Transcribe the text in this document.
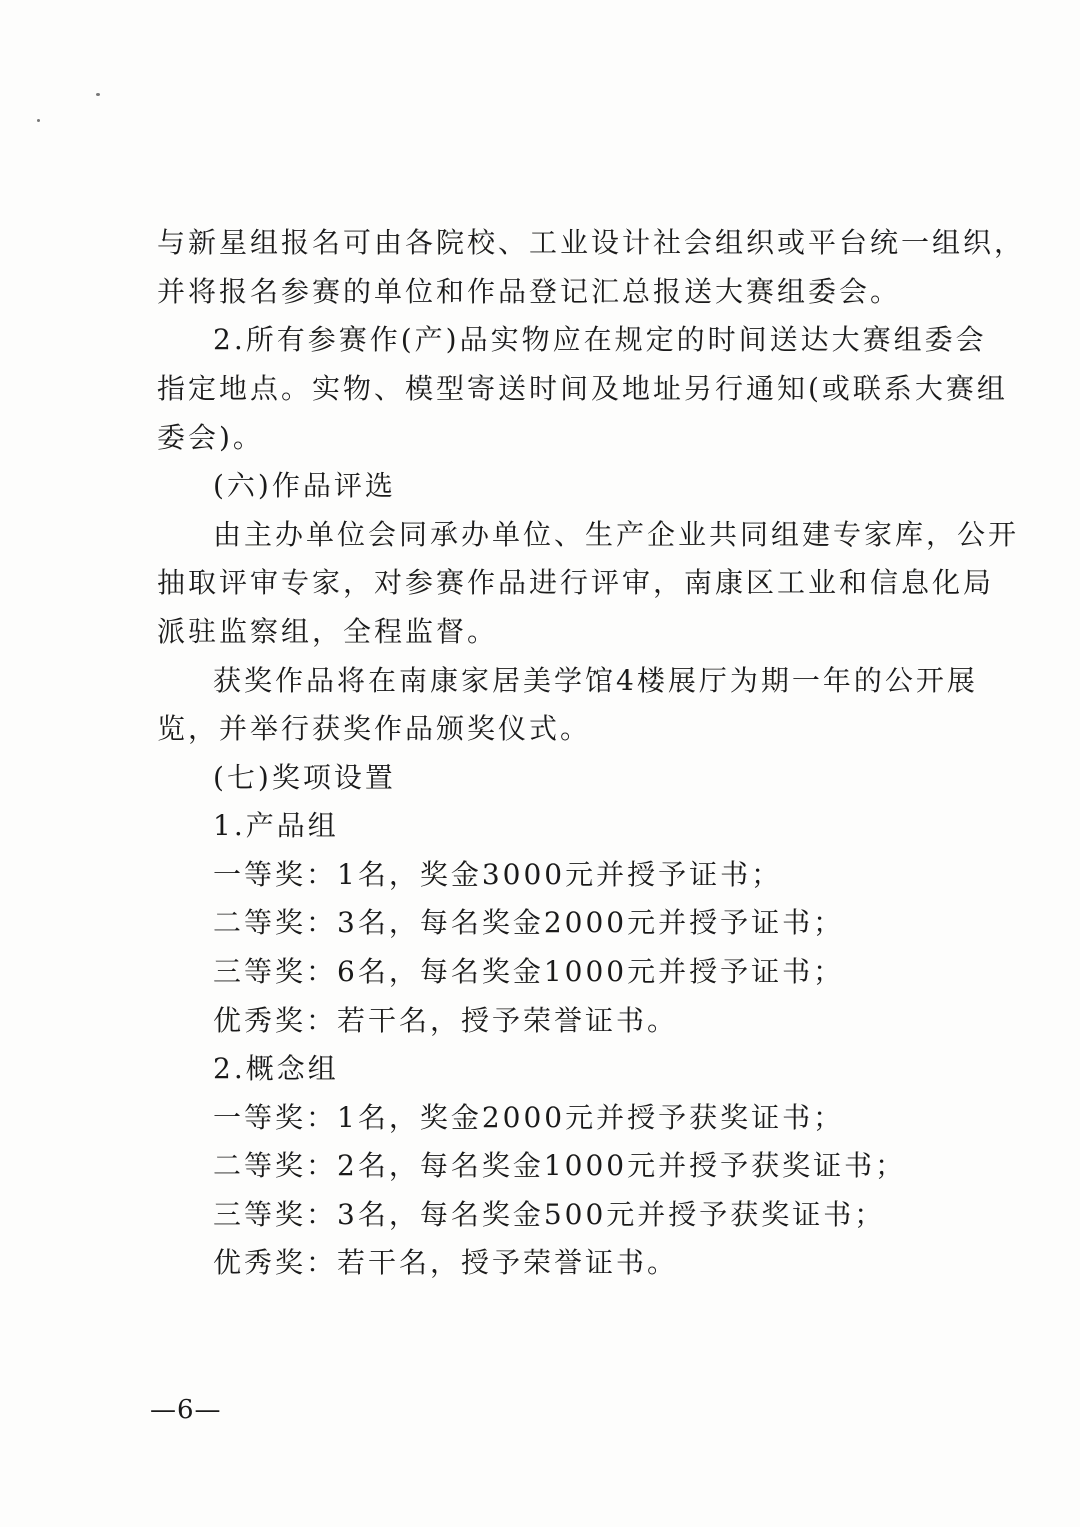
与新星组报名可由各院校、工业设计社会组织或平台统一组织，
并将报名参赛的单位和作品登记汇总报送大赛组委会。
2.所有参赛作(产)品实物应在规定的时间送达大赛组委会
指定地点。实物、模型寄送时间及地址另行通知(或联系大赛组
委会)。
(六)作品评选
由主办单位会同承办单位、生产企业共同组建专家库，公开
抽取评审专家，对参赛作品进行评审，南康区工业和信息化局
派驻监察组，全程监督。
获奖作品将在南康家居美学馆4楼展厅为期一年的公开展
览，并举行获奖作品颁奖仪式。
(七)奖项设置
1.产品组
一等奖：1名，奖金3000元并授予证书；
二等奖：3名，每名奖金2000元并授予证书；
三等奖：6名，每名奖金1000元并授予证书；
优秀奖：若干名，授予荣誉证书。
2.概念组
一等奖：1名，奖金2000元并授予获奖证书；
二等奖：2名，每名奖金1000元并授予获奖证书；
三等奖：3名，每名奖金500元并授予获奖证书；
优秀奖：若干名，授予荣誉证书。
—6—
